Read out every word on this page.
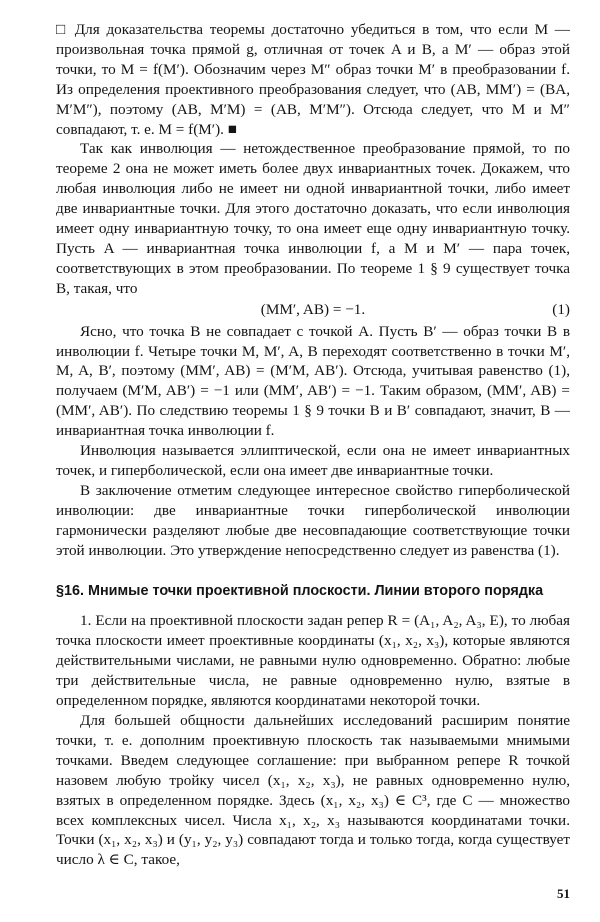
□ Для доказательства теоремы достаточно убедиться в том, что если M — произвольная точка прямой g, отличная от точек A и B, а M′ — образ этой точки, то M = f(M′). Обозначим через M″ образ точки M′ в преобразовании f. Из определения проективного преобразования следует, что (AB, MM′) = (BA, M′M″), поэтому (AB, M′M) = (AB, M′M″). Отсюда следует, что M и M″ совпадают, т. е. M = f(M′). ■

Так как инволюция — нетождественное преобразование прямой, то по теореме 2 она не может иметь более двух инвариантных точек. Докажем, что любая инволюция либо не имеет ни одной инвариантной точки, либо имеет две инвариантные точки. Для этого достаточно доказать, что если инволюция имеет одну инвариантную точку, то она имеет еще одну инвариантную точку. Пусть A — инвариантная точка инволюции f, а M и M′ — пара точек, соответствующих в этом преобразовании. По теореме 1 § 9 существует точка B, такая, что

(MM′, AB) = −1.	(1)

Ясно, что точка B не совпадает с точкой A. Пусть B′ — образ точки B в инволюции f. Четыре точки M, M′, A, B переходят соответственно в точки M′, M, A, B′, поэтому (MM′, AB) = (M′M, AB′). Отсюда, учитывая равенство (1), получаем (M′M, AB′) = −1 или (MM′, AB′) = −1. Таким образом, (MM′, AB) = (MM′, AB′). По следствию теоремы 1 § 9 точки B и B′ совпадают, значит, B — инвариантная точка инволюции f.

Инволюция называется эллиптической, если она не имеет инвариантных точек, и гиперболической, если она имеет две инвариантные точки.

В заключение отметим следующее интересное свойство гиперболической инволюции: две инвариантные точки гиперболической инволюции гармонически разделяют любые две несовпадающие соответствующие точки этой инволюции. Это утверждение непосредственно следует из равенства (1).

§16. Мнимые точки проективной плоскости. Линии второго порядка

1. Если на проективной плоскости задан репер R = (A₁, A₂, A₃, E), то любая точка плоскости имеет проективные координаты (x₁, x₂, x₃), которые являются действительными числами, не равными нулю одновременно. Обратно: любые три действительные числа, не равные одновременно нулю, взятые в определенном порядке, являются координатами некоторой точки.

Для большей общности дальнейших исследований расширим понятие точки, т. е. дополним проективную плоскость так называемыми мнимыми точками. Введем следующее соглашение: при выбранном репере R точкой назовем любую тройку чисел (x₁, x₂, x₃), не равных одновременно нулю, взятых в определенном порядке. Здесь (x₁, x₂, x₃) ∈ C³, где C — множество всех комплексных чисел. Числа x₁, x₂, x₃ называются координатами точки. Точки (x₁, x₂, x₃) и (y₁, y₂, y₃) совпадают тогда и только тогда, когда существует число λ ∈ C, такое,

51
